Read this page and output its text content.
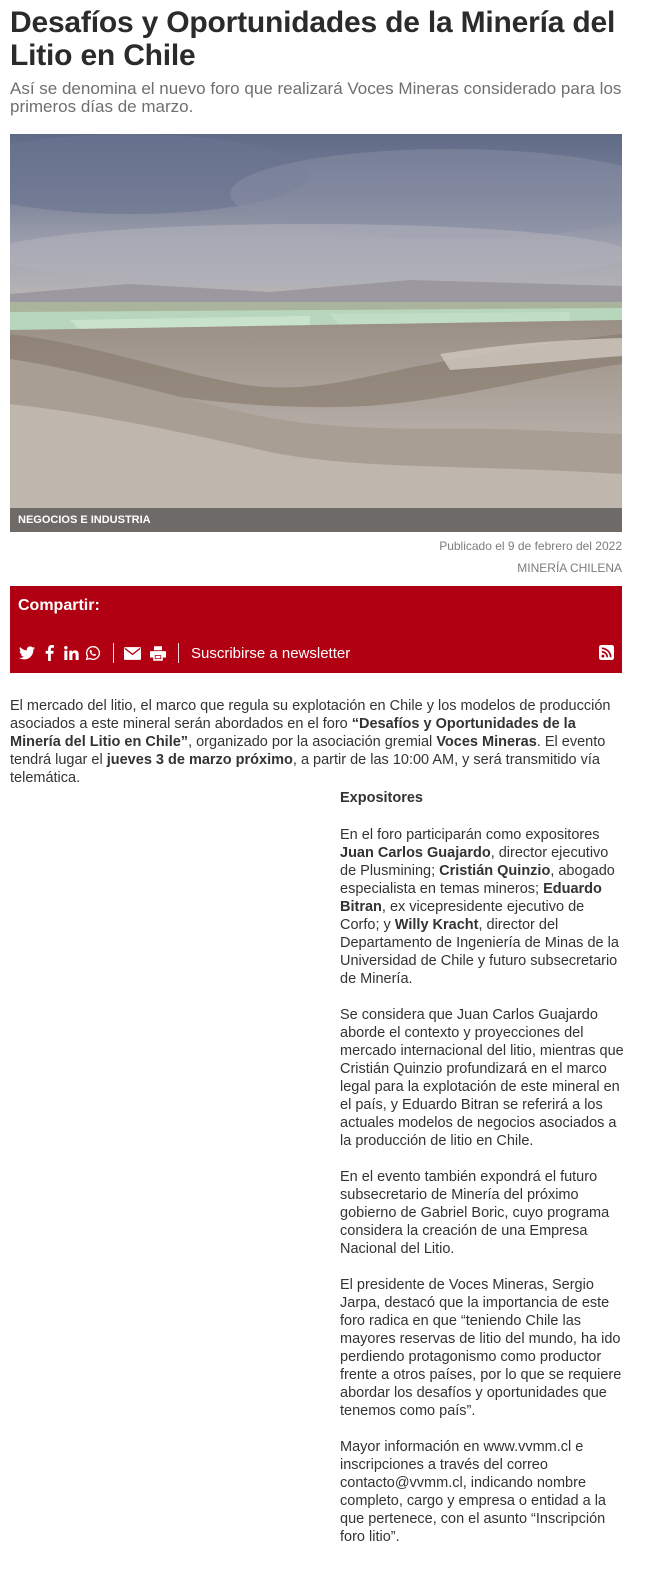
Desafíos y Oportunidades de la Minería del Litio en Chile
Así se denomina el nuevo foro que realizará Voces Mineras considerado para los primeros días de marzo.
NEGOCIOS E INDUSTRIA
Publicado el 9 de febrero del 2022
MINERÍA CHILENA
Compartir:
Suscribirse a newsletter
El mercado del litio, el marco que regula su explotación en Chile y los modelos de producción asociados a este mineral serán abordados en el foro “Desafíos y Oportunidades de la Minería del Litio en Chile”, organizado por la asociación gremial Voces Mineras. El evento tendrá lugar el jueves 3 de marzo próximo, a partir de las 10:00 AM, y será transmitido vía telemática.
Expositores

En el foro participarán como expositores Juan Carlos Guajardo, director ejecutivo de Plusmining; Cristián Quinzio, abogado especialista en temas mineros; Eduardo Bitran, ex vicepresidente ejecutivo de Corfo; y Willy Kracht, director del Departamento de Ingeniería de Minas de la Universidad de Chile y futuro subsecretario de Minería.

Se considera que Juan Carlos Guajardo aborde el contexto y proyecciones del mercado internacional del litio, mientras que Cristián Quinzio profundizará en el marco legal para la explotación de este mineral en el país, y Eduardo Bitran se referirá a los actuales modelos de negocios asociados a la producción de litio en Chile.

En el evento también expondrá el futuro subsecretario de Minería del próximo gobierno de Gabriel Boric, cuyo programa considera la creación de una Empresa Nacional del Litio.

El presidente de Voces Mineras, Sergio Jarpa, destacó que la importancia de este foro radica en que “teniendo Chile las mayores reservas de litio del mundo, ha ido perdiendo protagonismo como productor frente a otros países, por lo que se requiere abordar los desafíos y oportunidades que tenemos como país”.

Mayor información en www.vvmm.cl e inscripciones a través del correo contacto@vvmm.cl, indicando nombre completo, cargo y empresa o entidad a la que pertenece, con el asunto “Inscripción foro litio”.
